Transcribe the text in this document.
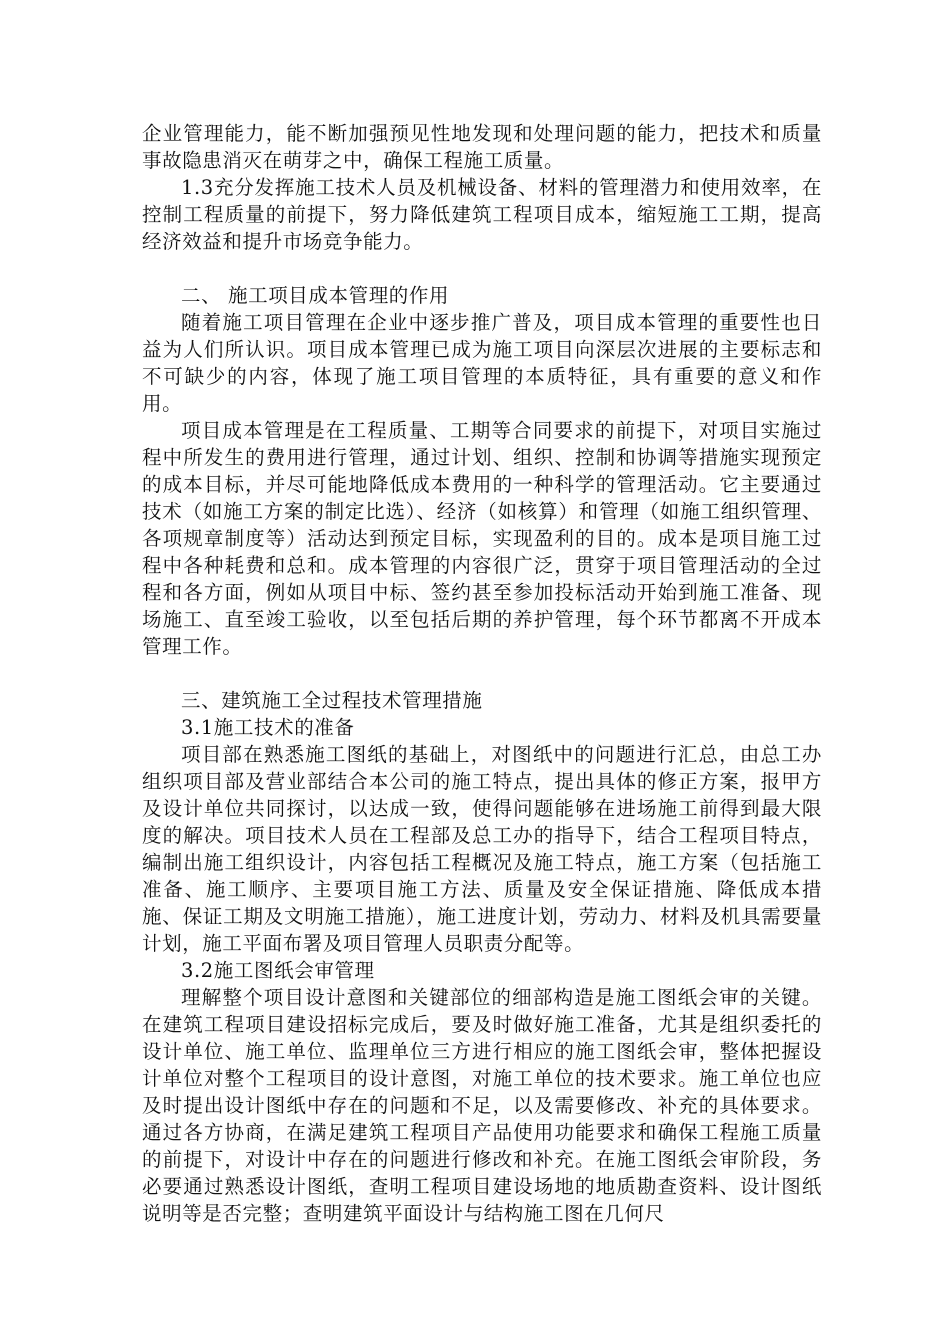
企业管理能力，能不断加强预见性地发现和处理问题的能力，把技术和质量事故隐患消灭在萌芽之中，确保工程施工质量。

1.3充分发挥施工技术人员及机械设备、材料的管理潜力和使用效率，在控制工程质量的前提下，努力降低建筑工程项目成本，缩短施工工期，提高经济效益和提升市场竞争能力。

二、 施工项目成本管理的作用

随着施工项目管理在企业中逐步推广普及，项目成本管理的重要性也日益为人们所认识。项目成本管理已成为施工项目向深层次进展的主要标志和不可缺少的内容，体现了施工项目管理的本质特征，具有重要的意义和作用。

项目成本管理是在工程质量、工期等合同要求的前提下，对项目实施过程中所发生的费用进行管理，通过计划、组织、控制和协调等措施实现预定的成本目标，并尽可能地降低成本费用的一种科学的管理活动。它主要通过技术（如施工方案的制定比选）、经济（如核算）和管理（如施工组织管理、各项规章制度等）活动达到预定目标，实现盈利的目的。成本是项目施工过程中各种耗费和总和。成本管理的内容很广泛，贯穿于项目管理活动的全过程和各方面，例如从项目中标、签约甚至参加投标活动开始到施工准备、现场施工、直至竣工验收，以至包括后期的养护管理，每个环节都离不开成本管理工作。

三、建筑施工全过程技术管理措施

3.1施工技术的准备

项目部在熟悉施工图纸的基础上，对图纸中的问题进行汇总，由总工办组织项目部及营业部结合本公司的施工特点，提出具体的修正方案，报甲方及设计单位共同探讨，以达成一致，使得问题能够在进场施工前得到最大限度的解决。项目技术人员在工程部及总工办的指导下，结合工程项目特点，编制出施工组织设计，内容包括工程概况及施工特点，施工方案（包括施工准备、施工顺序、主要项目施工方法、质量及安全保证措施、降低成本措施、保证工期及文明施工措施），施工进度计划，劳动力、材料及机具需要量计划，施工平面布署及项目管理人员职责分配等。

3.2施工图纸会审管理

理解整个项目设计意图和关键部位的细部构造是施工图纸会审的关键。在建筑工程项目建设招标完成后，要及时做好施工准备，尤其是组织委托的设计单位、施工单位、监理单位三方进行相应的施工图纸会审，整体把握设计单位对整个工程项目的设计意图，对施工单位的技术要求。施工单位也应及时提出设计图纸中存在的问题和不足，以及需要修改、补充的具体要求。通过各方协商，在满足建筑工程项目产品使用功能要求和确保工程施工质量的前提下，对设计中存在的问题进行修改和补充。在施工图纸会审阶段，务必要通过熟悉设计图纸，查明工程项目建设场地的地质勘查资料、设计图纸说明等是否完整；查明建筑平面设计与结构施工图在几何尺
